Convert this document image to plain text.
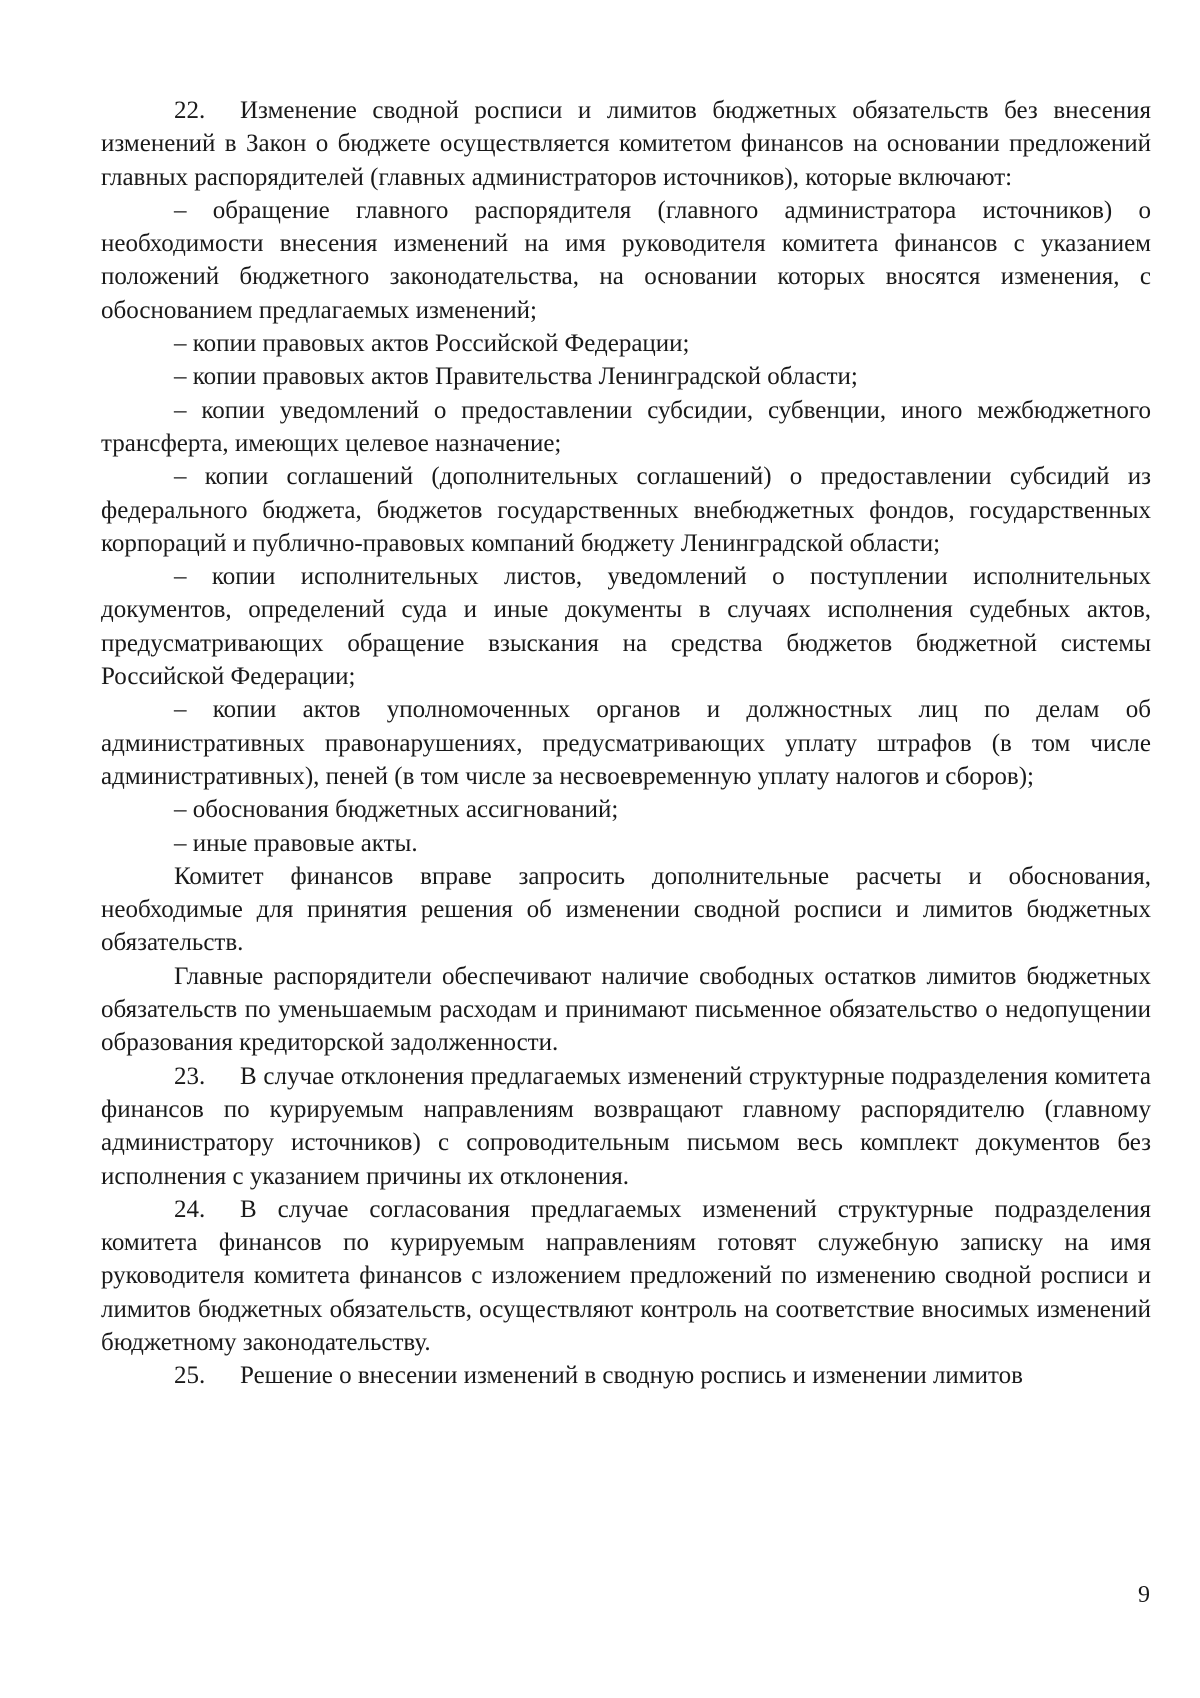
22. Изменение сводной росписи и лимитов бюджетных обязательств без внесения изменений в Закон о бюджете осуществляется комитетом финансов на основании предложений главных распорядителей (главных администраторов источников), которые включают:

– обращение главного распорядителя (главного администратора источников) о необходимости внесения изменений на имя руководителя комитета финансов с указанием положений бюджетного законодательства, на основании которых вносятся изменения, с обоснованием предлагаемых изменений;

– копии правовых актов Российской Федерации;

– копии правовых актов Правительства Ленинградской области;

– копии уведомлений о предоставлении субсидии, субвенции, иного межбюджетного трансферта, имеющих целевое назначение;

– копии соглашений (дополнительных соглашений) о предоставлении субсидий из федерального бюджета, бюджетов государственных внебюджетных фондов, государственных корпораций и публично-правовых компаний бюджету Ленинградской области;

– копии исполнительных листов, уведомлений о поступлении исполнительных документов, определений суда и иные документы в случаях исполнения судебных актов, предусматривающих обращение взыскания на средства бюджетов бюджетной системы Российской Федерации;

– копии актов уполномоченных органов и должностных лиц по делам об административных правонарушениях, предусматривающих уплату штрафов (в том числе административных), пеней (в том числе за несвоевременную уплату налогов и сборов);

– обоснования бюджетных ассигнований;

– иные правовые акты.

Комитет финансов вправе запросить дополнительные расчеты и обоснования, необходимые для принятия решения об изменении сводной росписи и лимитов бюджетных обязательств.

Главные распорядители обеспечивают наличие свободных остатков лимитов бюджетных обязательств по уменьшаемым расходам и принимают письменное обязательство о недопущении образования кредиторской задолженности.

23. В случае отклонения предлагаемых изменений структурные подразделения комитета финансов по курируемым направлениям возвращают главному распорядителю (главному администратору источников) с сопроводительным письмом весь комплект документов без исполнения с указанием причины их отклонения.

24. В случае согласования предлагаемых изменений структурные подразделения комитета финансов по курируемым направлениям готовят служебную записку на имя руководителя комитета финансов с изложением предложений по изменению сводной росписи и лимитов бюджетных обязательств, осуществляют контроль на соответствие вносимых изменений бюджетному законодательству.

25. Решение о внесении изменений в сводную роспись и изменении лимитов

9
